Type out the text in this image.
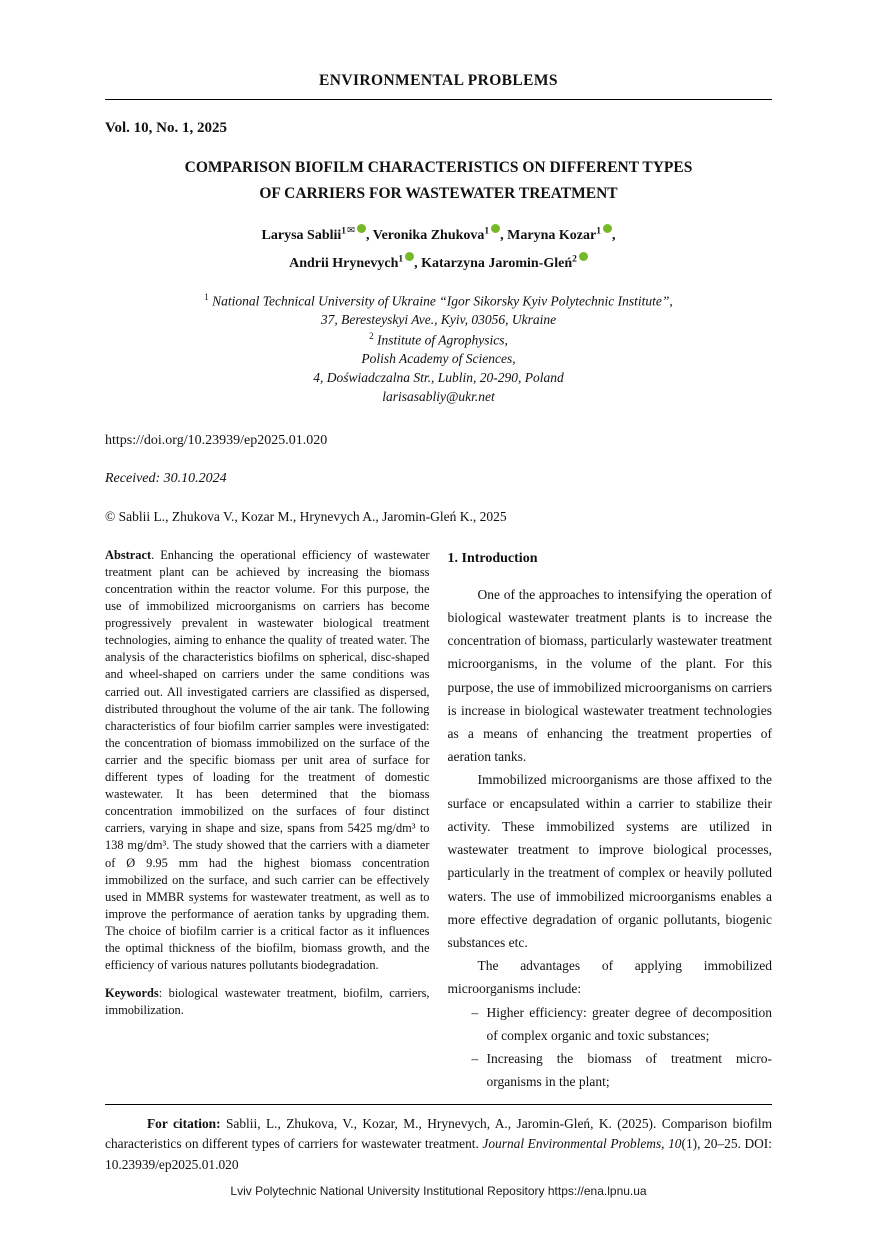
ENVIRONMENTAL PROBLEMS
Vol. 10, No. 1, 2025
COMPARISON BIOFILM CHARACTERISTICS ON DIFFERENT TYPES
OF CARRIERS FOR WASTEWATER TREATMENT
Larysa Sablii$^{1✉}$ , Veronika Zhukova$^1$ , Maryna Kozar$^1$ ,
Andrii Hrynevych$^1$ , Katarzyna Jaromin-Gleń$^2$
$^1$ National Technical University of Ukraine “Igor Sikorsky Kyiv Polytechnic Institute”,
37, Beresteyskyi Ave., Kyiv, 03056, Ukraine
$^2$ Institute of Agrophysics,
Polish Academy of Sciences,
4, Doświadczalna Str., Lublin, 20-290, Poland
larisasabliy@ukr.net
https://doi.org/10.23939/ep2025.01.020
Received: 30.10.2024
© Sablii L., Zhukova V., Kozar M., Hrynevych A., Jaromin-Gleń K., 2025

Abstract. Enhancing the operational efficiency of wastewater treatment plant can be achieved by increasing the biomass concentration within the reactor volume. For this purpose, the use of immobilized microorganisms on carriers has become progressively prevalent in wastewater biological treatment technologies, aiming to enhance the quality of treated water. The analysis of the characteristics biofilms on spherical, disc-shaped and wheel-shaped on carriers under the same conditions was carried out. All investigated carriers are classified as dispersed, distributed throughout the volume of the air tank. The following characteristics of four biofilm carrier samples were investigated: the concentration of biomass immobilized on the surface of the carrier and the specific biomass per unit area of surface for different types of loading for the treatment of domestic wastewater. It has been determined that the biomass concentration immobilized on the surfaces of four distinct carriers, varying in shape and size, spans from 5425 mg/dm³ to 138 mg/dm³. The study showed that the carriers with a diameter of Ø 9.95 mm had the highest biomass concentration immobilized on the surface, and such carrier can be effectively used in MMBR systems for wastewater treatment, as well as to improve the performance of aeration tanks by upgrading them. The choice of biofilm carrier is a critical factor as it influences the optimal thickness of the biofilm, biomass growth, and the efficiency of various natures pollutants biodegradation.

Keywords: biological wastewater treatment, biofilm, carriers, immobilization.

1. Introduction

One of the approaches to intensifying the operation of biological wastewater treatment plants is to increase the concentration of biomass, particularly wastewater treatment microorganisms, in the volume of the plant. For this purpose, the use of immobilized microorganisms on carriers is increase in biological wastewater treatment technologies as a means of enhancing the treatment properties of aeration tanks.

Immobilized microorganisms are those affixed to the surface or encapsulated within a carrier to stabilize their activity. These immobilized systems are utilized in wastewater treatment to improve biological processes, particularly in the treatment of complex or heavily polluted waters. The use of immobilized microorganisms enables a more effective degradation of organic pollutants, biogenic substances etc.

The advantages of applying immobilized microorganisms include:

– Higher efficiency: greater degree of decomposition of complex organic and toxic substances;
– Increasing the biomass of treatment micro-organisms in the plant;

For citation: Sablii, L., Zhukova, V., Kozar, M., Hrynevych, A., Jaromin-Gleń, K. (2025). Comparison biofilm characteristics on different types of carriers for wastewater treatment. Journal Environmental Problems, 10(1), 20–25. DOI: 10.23939/ep2025.01.020

Lviv Polytechnic National University Institutional Repository https://ena.lpnu.ua
